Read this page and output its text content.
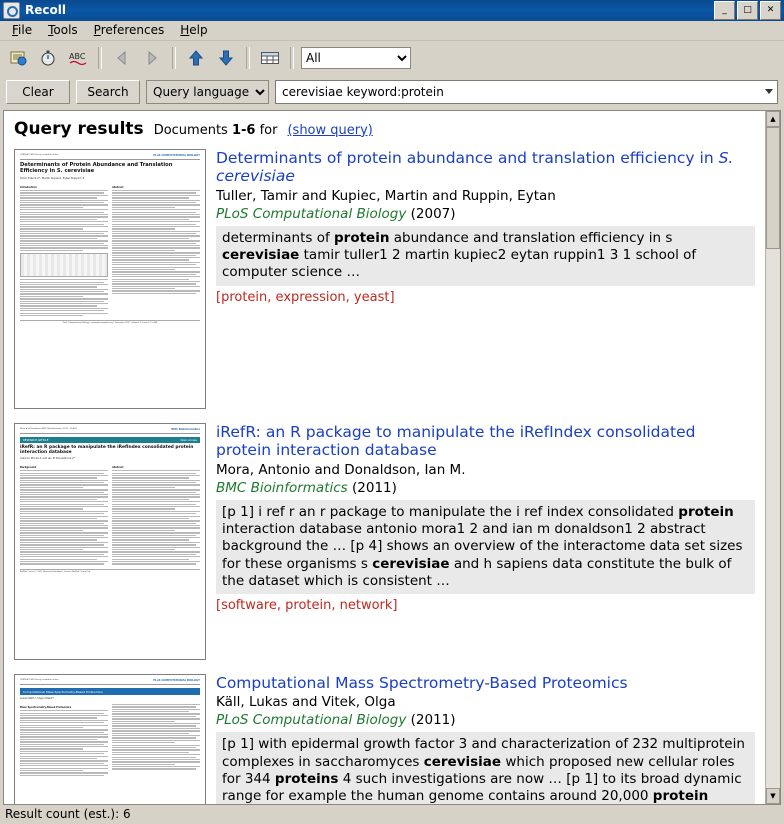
Recoll	_	□	✕
File	Tools	Preferences	Help
ABC
All
Clear	Search
Query language
cerevisiae keyword:protein
Query results Documents 1-6 for (show query)
OPEN ACCESS Freely available online	PLoS COMPUTATIONAL BIOLOGY
Determinants of Protein Abundance and Translation Efficiency in S. cerevisiae
Tamir Tuller1,2*, Martin Kupiec2, Eytan Ruppin1,3
Introduction	Abstract
PLoS Computational Biology | www.ploscompbiol.org 1 December 2007 | Volume 3 | Issue 12 | e248
Determinants of protein abundance and translation efficiency in S. cerevisiae
Tuller, Tamir and Kupiec, Martin and Ruppin, Eytan
PLoS Computational Biology (2007)
determinants of protein abundance and translation efficiency in s cerevisiae tamir tuller1 2 martin kupiec2 eytan ruppin1 3 1 school of computer science …
[protein, expression, yeast]
Mora and Donaldson BMC Bioinformatics 2011, 12:455	BMC Bioinformatics
RESEARCH ARTICLE	Open Access
iRefR: an R package to manipulate the iRefIndex consolidated protein interaction database
Antonio Mora1,2 and Ian M Donaldson1,2*
Background	Abstract
BioMed Central © 2011 Mora and Donaldson; licensee BioMed Central Ltd.
iRefR: an R package to manipulate the iRefIndex consolidated protein interaction database
Mora, Antonio and Donaldson, Ian M.
BMC Bioinformatics (2011)
[p 1] i ref r an r package to manipulate the i ref index consolidated protein interaction database antonio mora1 2 and ian m donaldson1 2 abstract background the … [p 4] shows an overview of the interactome data set sizes for these organisms s cerevisiae and h sapiens data constitute the bulk of the dataset which is consistent …
[software, protein, network]
OPEN ACCESS Freely available online	PLoS COMPUTATIONAL BIOLOGY
Computational Mass Spectrometry-Based Proteomics
Lukas Käll1*, Olga Vitek2*
Mass Spectrometry-Based Proteomics
Computational Mass Spectrometry-Based Proteomics
Käll, Lukas and Vitek, Olga
PLoS Computational Biology (2011)
[p 1] with epidermal growth factor 3 and characterization of 232 multiprotein complexes in saccharomyces cerevisiae which proposed new cellular roles for 344 proteins 4 such investigations are now … [p 1] to its broad dynamic range for example the human genome contains around 20,000 protein
▲
▼
Result count (est.): 6
